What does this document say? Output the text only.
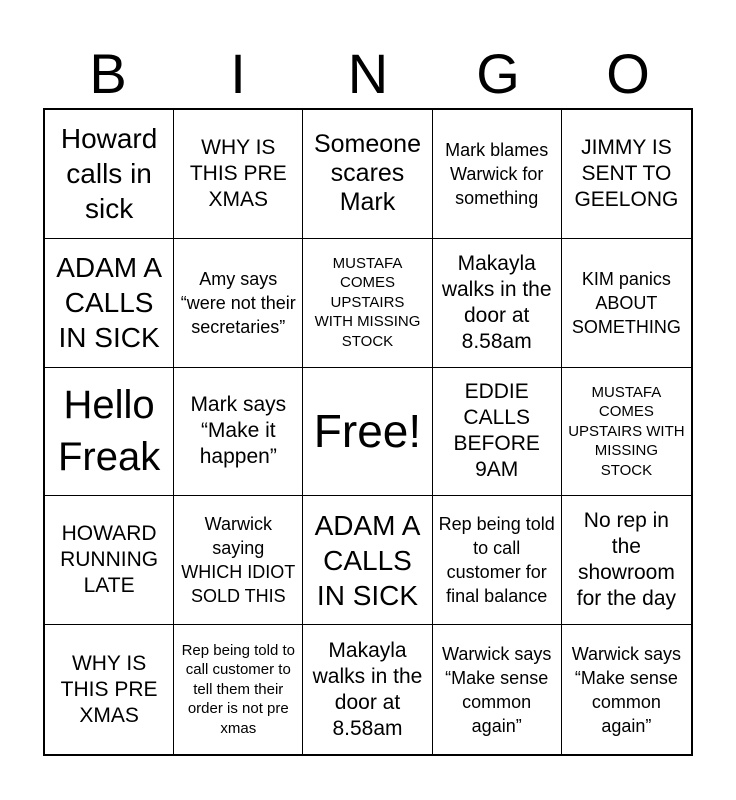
B	I	N	G	O
Howard calls in sick
WHY IS THIS PRE XMAS
Someone scares Mark
Mark blames Warwick for something
JIMMY IS SENT TO GEELONG
ADAM A CALLS IN SICK
Amy says “were not their secretaries”
MUSTAFA COMES UPSTAIRS WITH MISSING STOCK
Makayla walks in the door at 8.58am
KIM panics ABOUT SOMETHING
Hello Freak
Mark says “Make it happen” Free!
EDDIE CALLS BEFORE 9AM
MUSTAFA COMES UPSTAIRS WITH MISSING STOCK
HOWARD RUNNING LATE
Warwick saying WHICH IDIOT SOLD THIS
ADAM A CALLS IN SICK
Rep being told to call customer for final balance
No rep in the showroom for the day
WHY IS THIS PRE XMAS
Rep being told to call customer to tell them their order is not pre xmas
Makayla walks in the door at 8.58am
Warwick says “Make sense common again”
Warwick says “Make sense common again”
